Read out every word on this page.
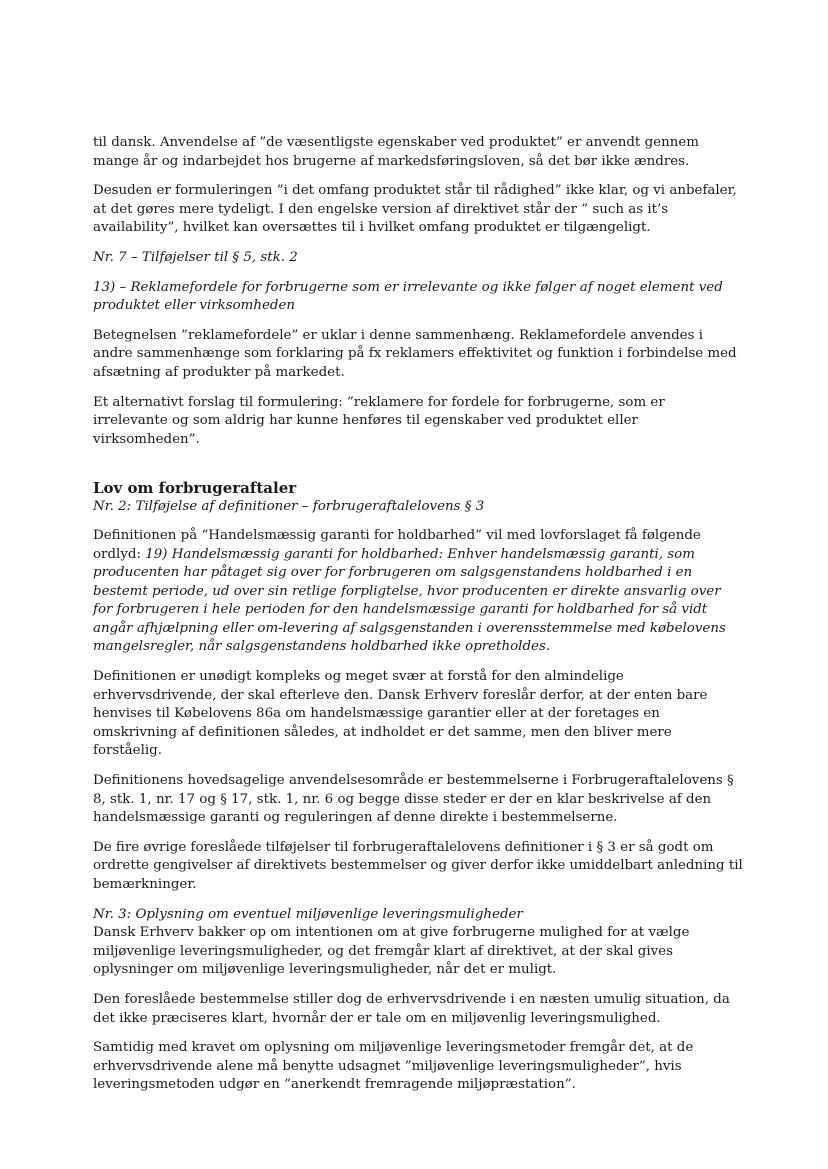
til dansk. Anvendelse af ”de væsentligste egenskaber ved produktet” er anvendt gennem mange år og indarbejdet hos brugerne af markedsføringsloven, så det bør ikke ændres.

Desuden er formuleringen ”i det omfang produktet står til rådighed” ikke klar, og vi anbefaler, at det gøres mere tydeligt. I den engelske version af direktivet står der ” such as it’s availability”, hvilket kan oversættes til i hvilket omfang produktet er tilgængeligt.

Nr. 7 – Tilføjelser til § 5, stk. 2

13) – Reklamefordele for forbrugerne som er irrelevante og ikke følger af noget element ved produktet eller virksomheden

Betegnelsen ”reklamefordele” er uklar i denne sammenhæng. Reklamefordele anvendes i andre sammenhænge som forklaring på fx reklamers effektivitet og funktion i forbindelse med afsætning af produkter på markedet.

Et alternativt forslag til formulering: ”reklamere for fordele for forbrugerne, som er irrelevante og som aldrig har kunne henføres til egenskaber ved produktet eller virksomheden”.

Lov om forbrugeraftaler

Nr. 2: Tilføjelse af definitioner – forbrugeraftalelovens § 3

Definitionen på “Handelsmæssig garanti for holdbarhed” vil med lovforslaget få følgende ordlyd: 19) Handelsmæssig garanti for holdbarhed: Enhver handelsmæssig garanti, som producenten har påtaget sig over for forbrugeren om salgsgenstandens holdbarhed i en bestemt periode, ud over sin retlige forpligtelse, hvor producenten er direkte ansvarlig over for forbrugeren i hele perioden for den handelsmæssige garanti for holdbarhed for så vidt angår afhjælpning eller om-levering af salgsgenstanden i overensstemmelse med købelovens mangelsregler, når salgsgenstandens holdbarhed ikke opretholdes.

Definitionen er unødigt kompleks og meget svær at forstå for den almindelige erhvervsdrivende, der skal efterleve den. Dansk Erhverv foreslår derfor, at der enten bare henvises til Købelovens 86a om handelsmæssige garantier eller at der foretages en omskrivning af definitionen således, at indholdet er det samme, men den bliver mere forståelig.

Definitionens hovedsagelige anvendelsesområde er bestemmelserne i Forbrugeraftalelovens § 8, stk. 1, nr. 17 og § 17, stk. 1, nr. 6 og begge disse steder er der en klar beskrivelse af den handelsmæssige garanti og reguleringen af denne direkte i bestemmelserne.

De fire øvrige foreslåede tilføjelser til forbrugeraftalelovens definitioner i § 3 er så godt om ordrette gengivelser af direktivets bestemmelser og giver derfor ikke umiddelbart anledning til bemærkninger.

Nr. 3: Oplysning om eventuel miljøvenlige leveringsmuligheder

Dansk Erhverv bakker op om intentionen om at give forbrugerne mulighed for at vælge miljøvenlige leveringsmuligheder, og det fremgår klart af direktivet, at der skal gives oplysninger om miljøvenlige leveringsmuligheder, når det er muligt.

Den foreslåede bestemmelse stiller dog de erhvervsdrivende i en næsten umulig situation, da det ikke præciseres klart, hvornår der er tale om en miljøvenlig leveringsmulighed.

Samtidig med kravet om oplysning om miljøvenlige leveringsmetoder fremgår det, at de erhvervsdrivende alene må benytte udsagnet ”miljøvenlige leveringsmuligheder”, hvis leveringsmetoden udgør en ”anerkendt fremragende miljøpræstation”.
